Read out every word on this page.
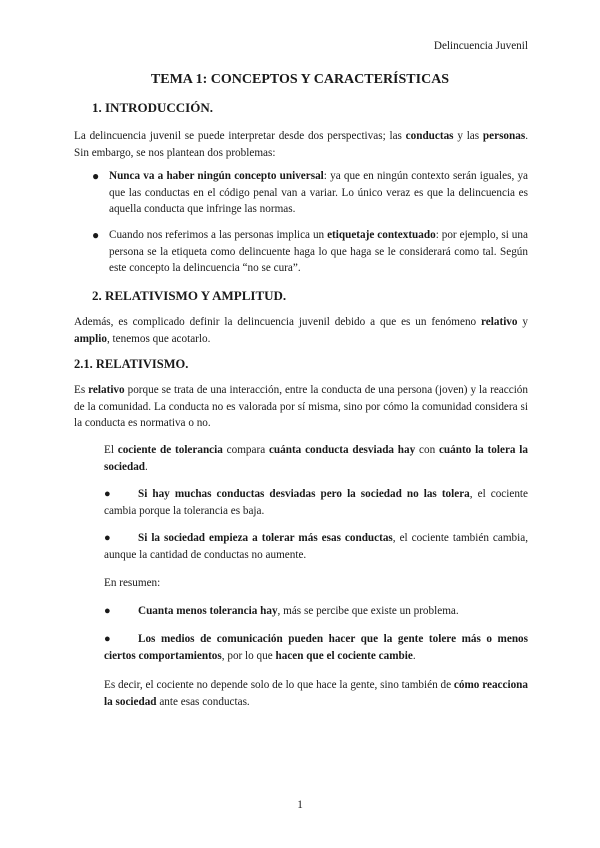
Delincuencia Juvenil
TEMA 1: CONCEPTOS Y CARACTERÍSTICAS
1. INTRODUCCIÓN.

La delincuencia juvenil se puede interpretar desde dos perspectivas; las conductas y las personas. Sin embargo, se nos plantean dos problemas:

● Nunca va a haber ningún concepto universal: ya que en ningún contexto serán iguales, ya que las conductas en el código penal van a variar. Lo único veraz es que la delincuencia es aquella conducta que infringe las normas.

● Cuando nos referimos a las personas implica un etiquetaje contextuado: por ejemplo, si una persona se la etiqueta como delincuente haga lo que haga se le considerará como tal. Según este concepto la delincuencia “no se cura”.

2. RELATIVISMO Y AMPLITUD.

Además, es complicado definir la delincuencia juvenil debido a que es un fenómeno relativo y amplio, tenemos que acotarlo.

2.1. RELATIVISMO.

Es relativo porque se trata de una interacción, entre la conducta de una persona (joven) y la reacción de la comunidad. La conducta no es valorada por sí misma, sino por cómo la comunidad considera si la conducta es normativa o no.

El cociente de tolerancia compara cuánta conducta desviada hay con cuánto la tolera la sociedad.

● Si hay muchas conductas desviadas pero la sociedad no las tolera, el cociente cambia porque la tolerancia es baja.

● Si la sociedad empieza a tolerar más esas conductas, el cociente también cambia, aunque la cantidad de conductas no aumente.

En resumen:

● Cuanta menos tolerancia hay, más se percibe que existe un problema.

● Los medios de comunicación pueden hacer que la gente tolere más o menos ciertos comportamientos, por lo que hacen que el cociente cambie.

Es decir, el cociente no depende solo de lo que hace la gente, sino también de cómo reacciona la sociedad ante esas conductas.

1
